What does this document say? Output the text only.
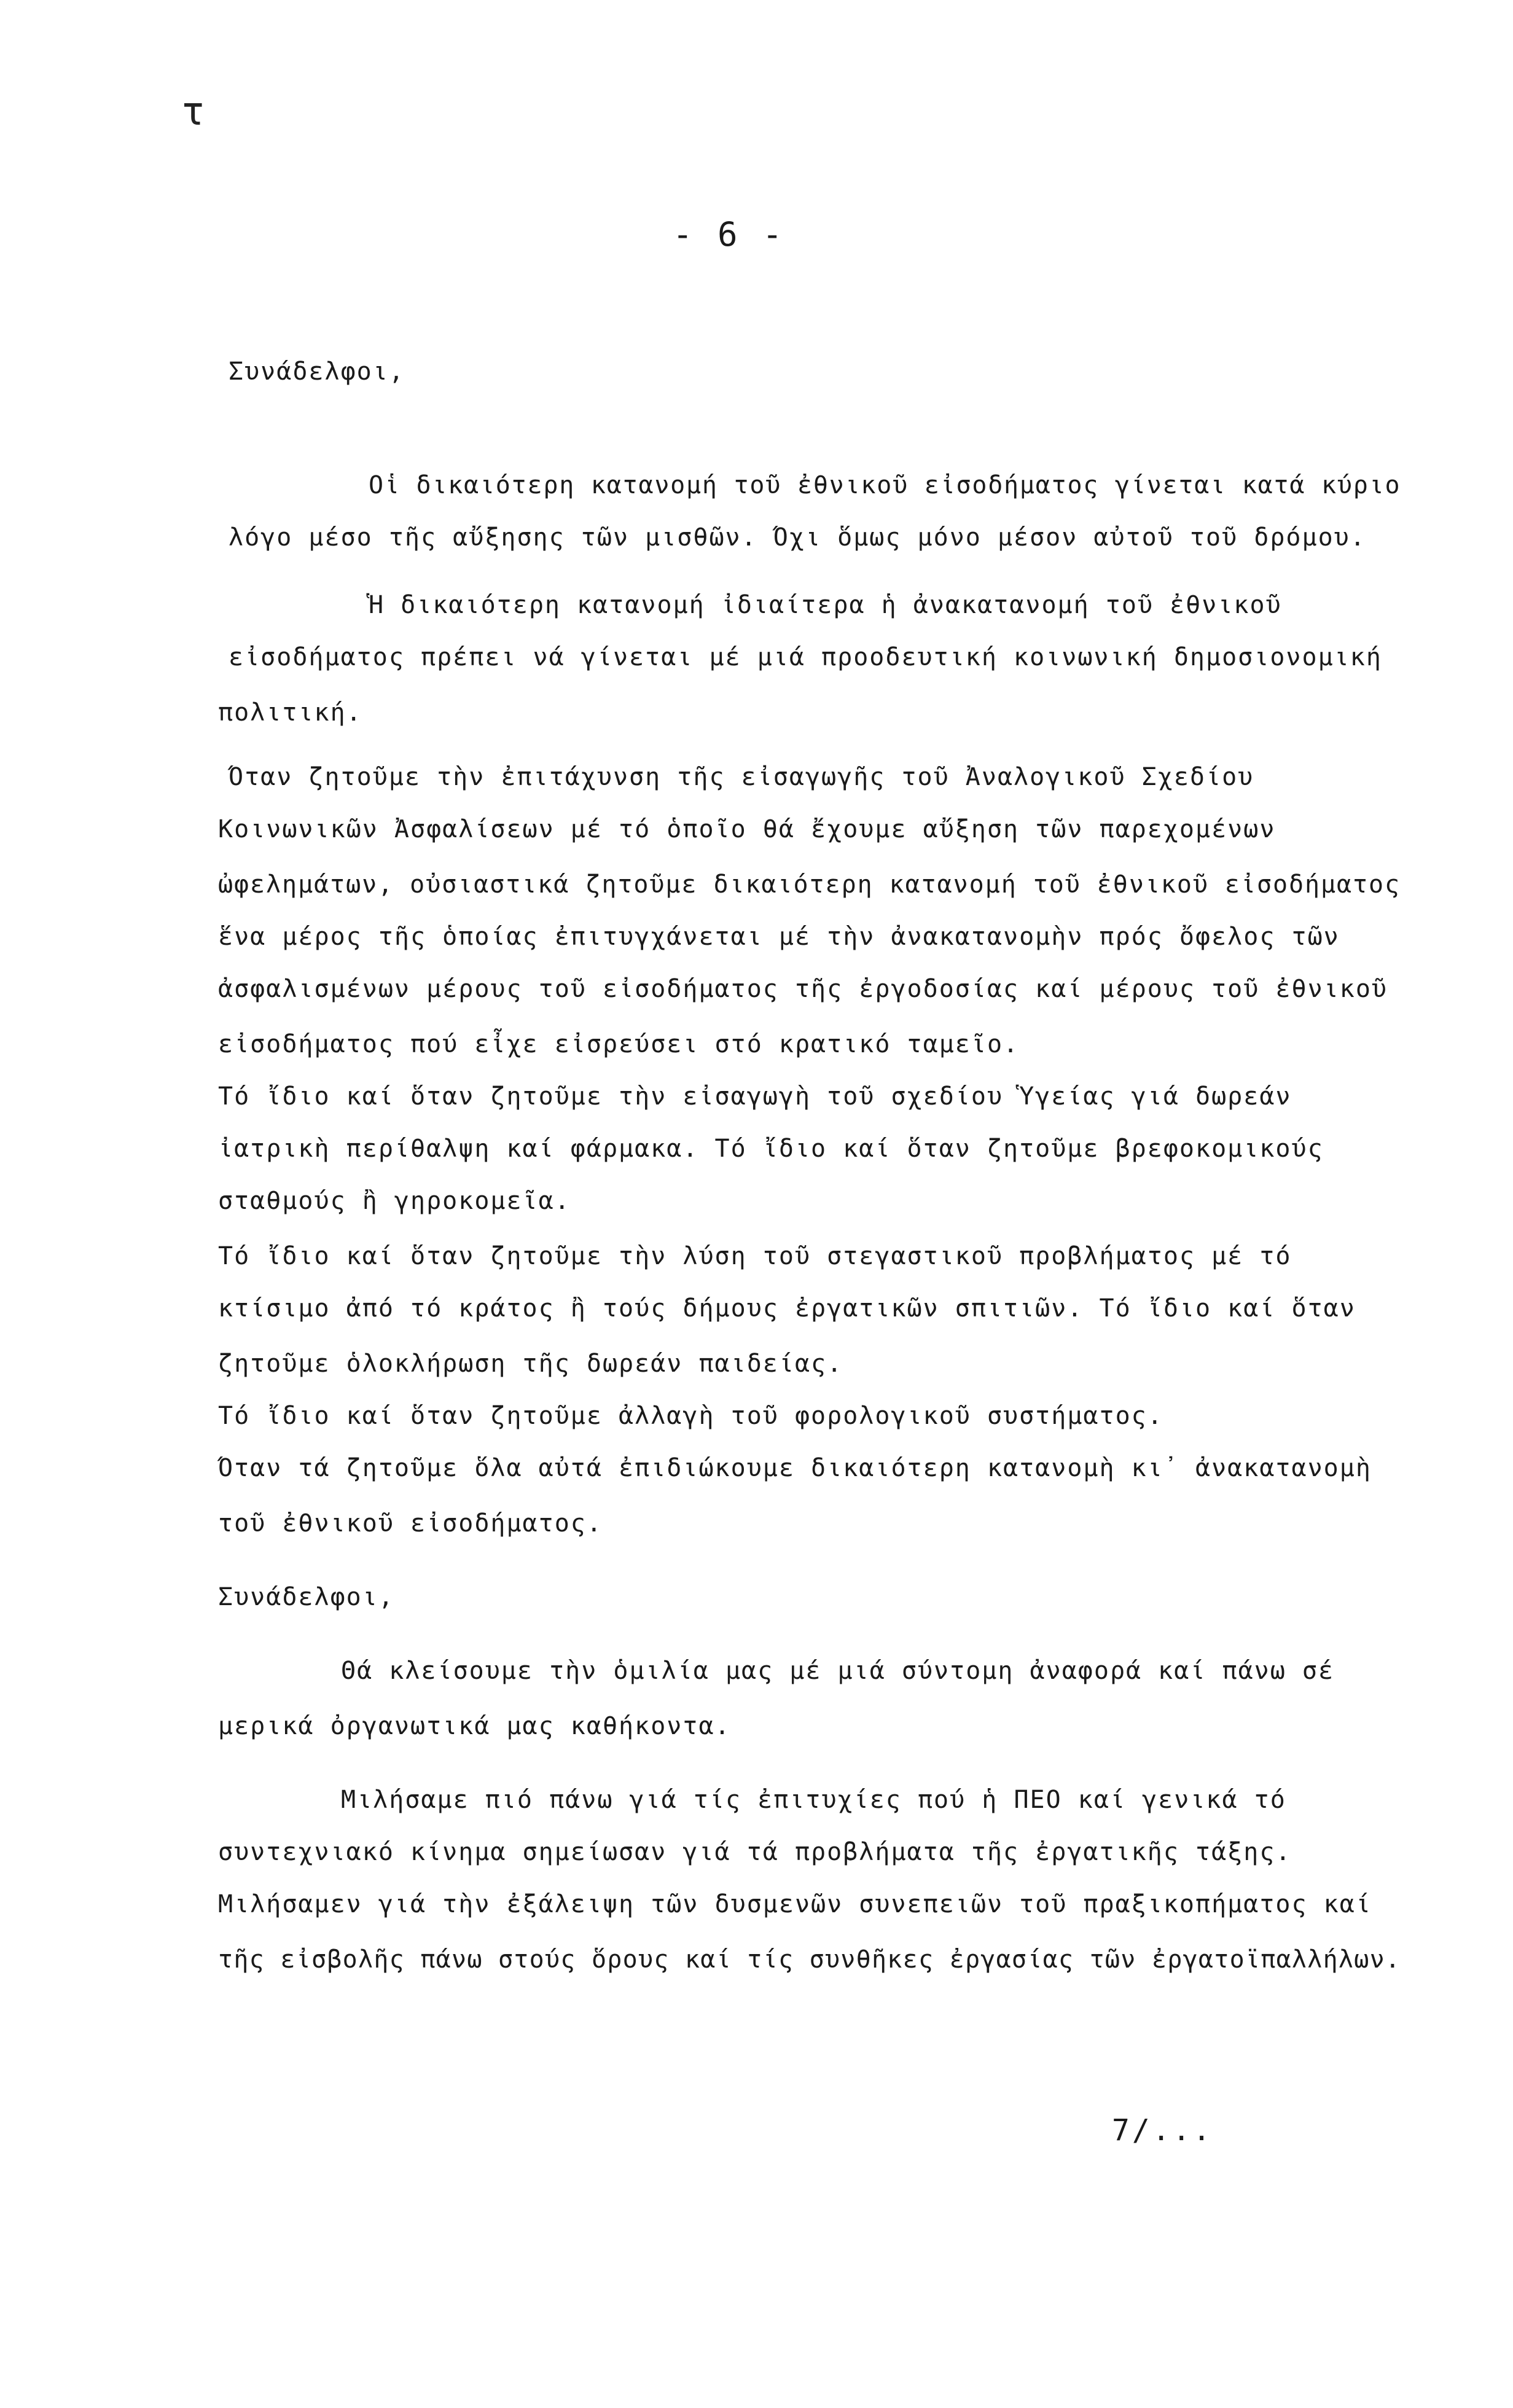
τ
- 6 -
Συνάδελφοι,
Οἱ δικαιότερη κατανομή τοῦ ἐθνικοῦ εἰσοδήματος γίνεται κατά κύριο
λόγο μέσο τῆς αὔξησης τῶν μισθῶν. Όχι ὅμως μόνο μέσον αὐτοῦ τοῦ δρόμου.
Ἡ δικαιότερη κατανομή ἰδιαίτερα ἡ ἀνακατανομή τοῦ ἐθνικοῦ
εἰσοδήματος πρέπει νά γίνεται μέ μιά προοδευτική κοινωνική δημοσιονομική
πολιτική.
Όταν ζητοῦμε τὴν ἐπιτάχυνση τῆς εἰσαγωγῆς τοῦ Ἀναλογικοῦ Σχεδίου
Κοινωνικῶν Ἀσφαλίσεων μέ τό ὁποῖο θά ἔχουμε αὔξηση τῶν παρεχομένων
ὠφελημάτων, οὐσιαστικά ζητοῦμε δικαιότερη κατανομή τοῦ ἐθνικοῦ εἰσοδήματος
ἕνα μέρος τῆς ὁποίας ἐπιτυγχάνεται μέ τὴν ἀνακατανομὴν πρός ὄφελος τῶν
ἀσφαλισμένων μέρους τοῦ εἰσοδήματος τῆς ἐργοδοσίας καί μέρους τοῦ ἐθνικοῦ
εἰσοδήματος πού εἶχε εἰσρεύσει στό κρατικό ταμεῖο.
Τό ἴδιο καί ὅταν ζητοῦμε τὴν εἰσαγωγὴ τοῦ σχεδίου Ὑγείας γιά δωρεάν
ἰατρικὴ περίθαλψη καί φάρμακα. Τό ἴδιο καί ὅταν ζητοῦμε βρεφοκομικούς
σταθμούς ἢ γηροκομεῖα.
Τό ἴδιο καί ὅταν ζητοῦμε τὴν λύση τοῦ στεγαστικοῦ προβλήματος μέ τό
κτίσιμο ἀπό τό κράτος ἢ τούς δήμους ἐργατικῶν σπιτιῶν. Τό ἴδιο καί ὅταν
ζητοῦμε ὁλοκλήρωση τῆς δωρεάν παιδείας.
Τό ἴδιο καί ὅταν ζητοῦμε ἀλλαγὴ τοῦ φορολογικοῦ συστήματος.
Όταν τά ζητοῦμε ὅλα αὐτά ἐπιδιώκουμε δικαιότερη κατανομὴ κι᾽ ἀνακατανομὴ
τοῦ ἐθνικοῦ εἰσοδήματος.
Συνάδελφοι,
Θά κλείσουμε τὴν ὁμιλία μας μέ μιά σύντομη ἀναφορά καί πάνω σέ
μερικά ὀργανωτικά μας καθήκοντα.
Μιλήσαμε πιό πάνω γιά τίς ἐπιτυχίες πού ἡ ΠΕΟ καί γενικά τό
συντεχνιακό κίνημα σημείωσαν γιά τά προβλήματα τῆς ἐργατικῆς τάξης.
Μιλήσαμεν γιά τὴν ἐξάλειψη τῶν δυσμενῶν συνεπειῶν τοῦ πραξικοπήματος καί
τῆς εἰσβολῆς πάνω στούς ὅρους καί τίς συνθῆκες ἐργασίας τῶν ἐργατοϊπαλλήλων.
7/...
